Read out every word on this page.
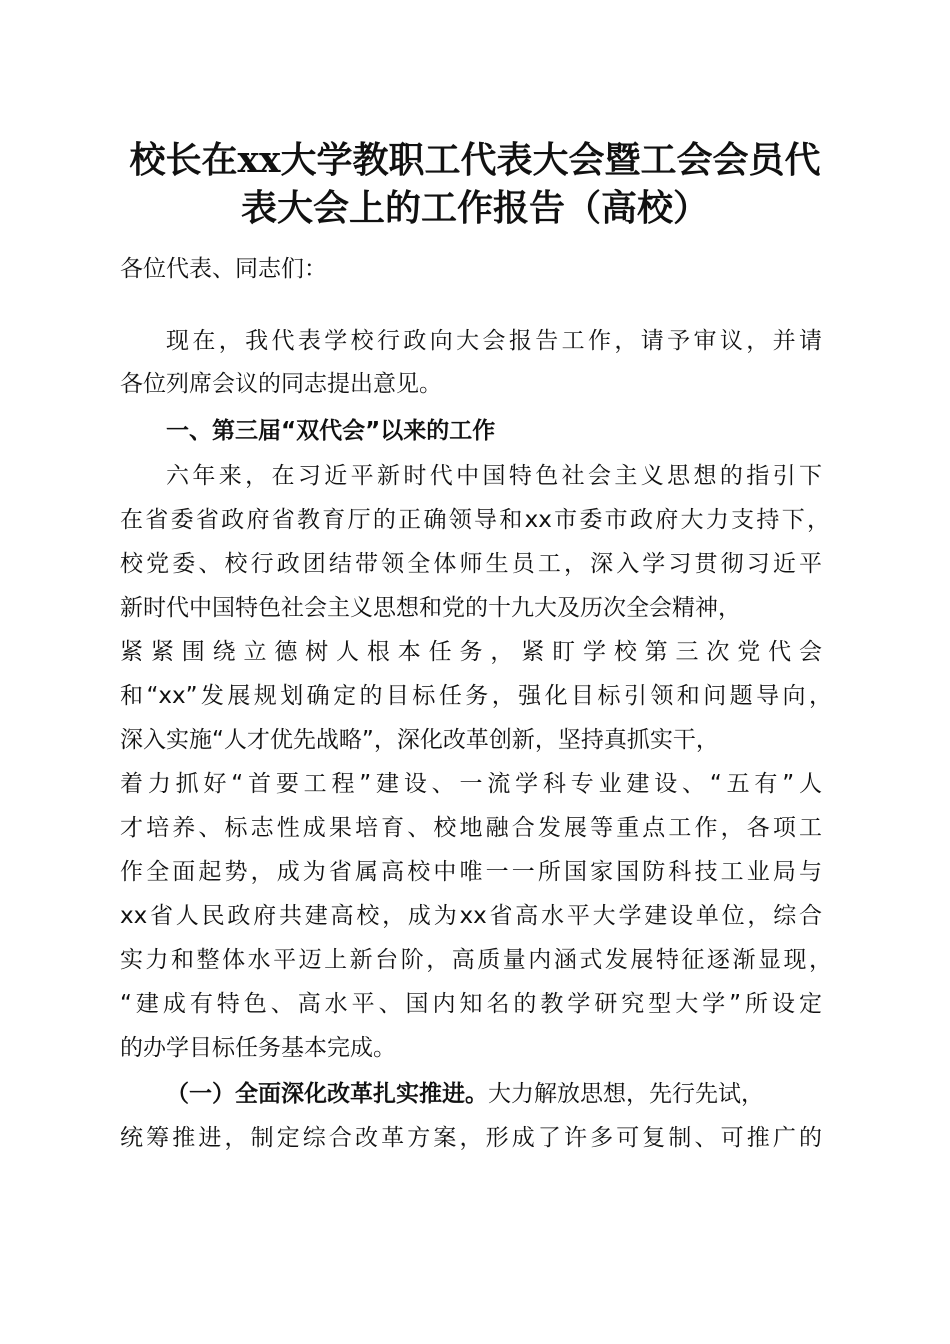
校长在xx大学教职工代表大会暨工会会员代
表大会上的工作报告（高校）
各位代表、同志们：
现在，我代表学校行政向大会报告工作，请予审议，并请
各位列席会议的同志提出意见。
一、第三届“双代会”以来的工作
六年来，在习近平新时代中国特色社会主义思想的指引下
在省委省政府省教育厅的正确领导和xx市委市政府大力支持下，
校党委、校行政团结带领全体师生员工，深入学习贯彻习近平
新时代中国特色社会主义思想和党的十九大及历次全会精神，
紧紧围绕立德树人根本任务，紧盯学校第三次党代会
和“xx”发展规划确定的目标任务，强化目标引领和问题导向，
深入实施“人才优先战略”，深化改革创新，坚持真抓实干，
着力抓好“首要工程”建设、一流学科专业建设、“五有”人
才培养、标志性成果培育、校地融合发展等重点工作，各项工
作全面起势，成为省属高校中唯一一所国家国防科技工业局与
xx省人民政府共建高校，成为xx省高水平大学建设单位，综合
实力和整体水平迈上新台阶，高质量内涵式发展特征逐渐显现，
“建成有特色、高水平、国内知名的教学研究型大学”所设定
的办学目标任务基本完成。
（一）全面深化改革扎实推进。大力解放思想，先行先试，
统筹推进，制定综合改革方案，形成了许多可复制、可推广的
